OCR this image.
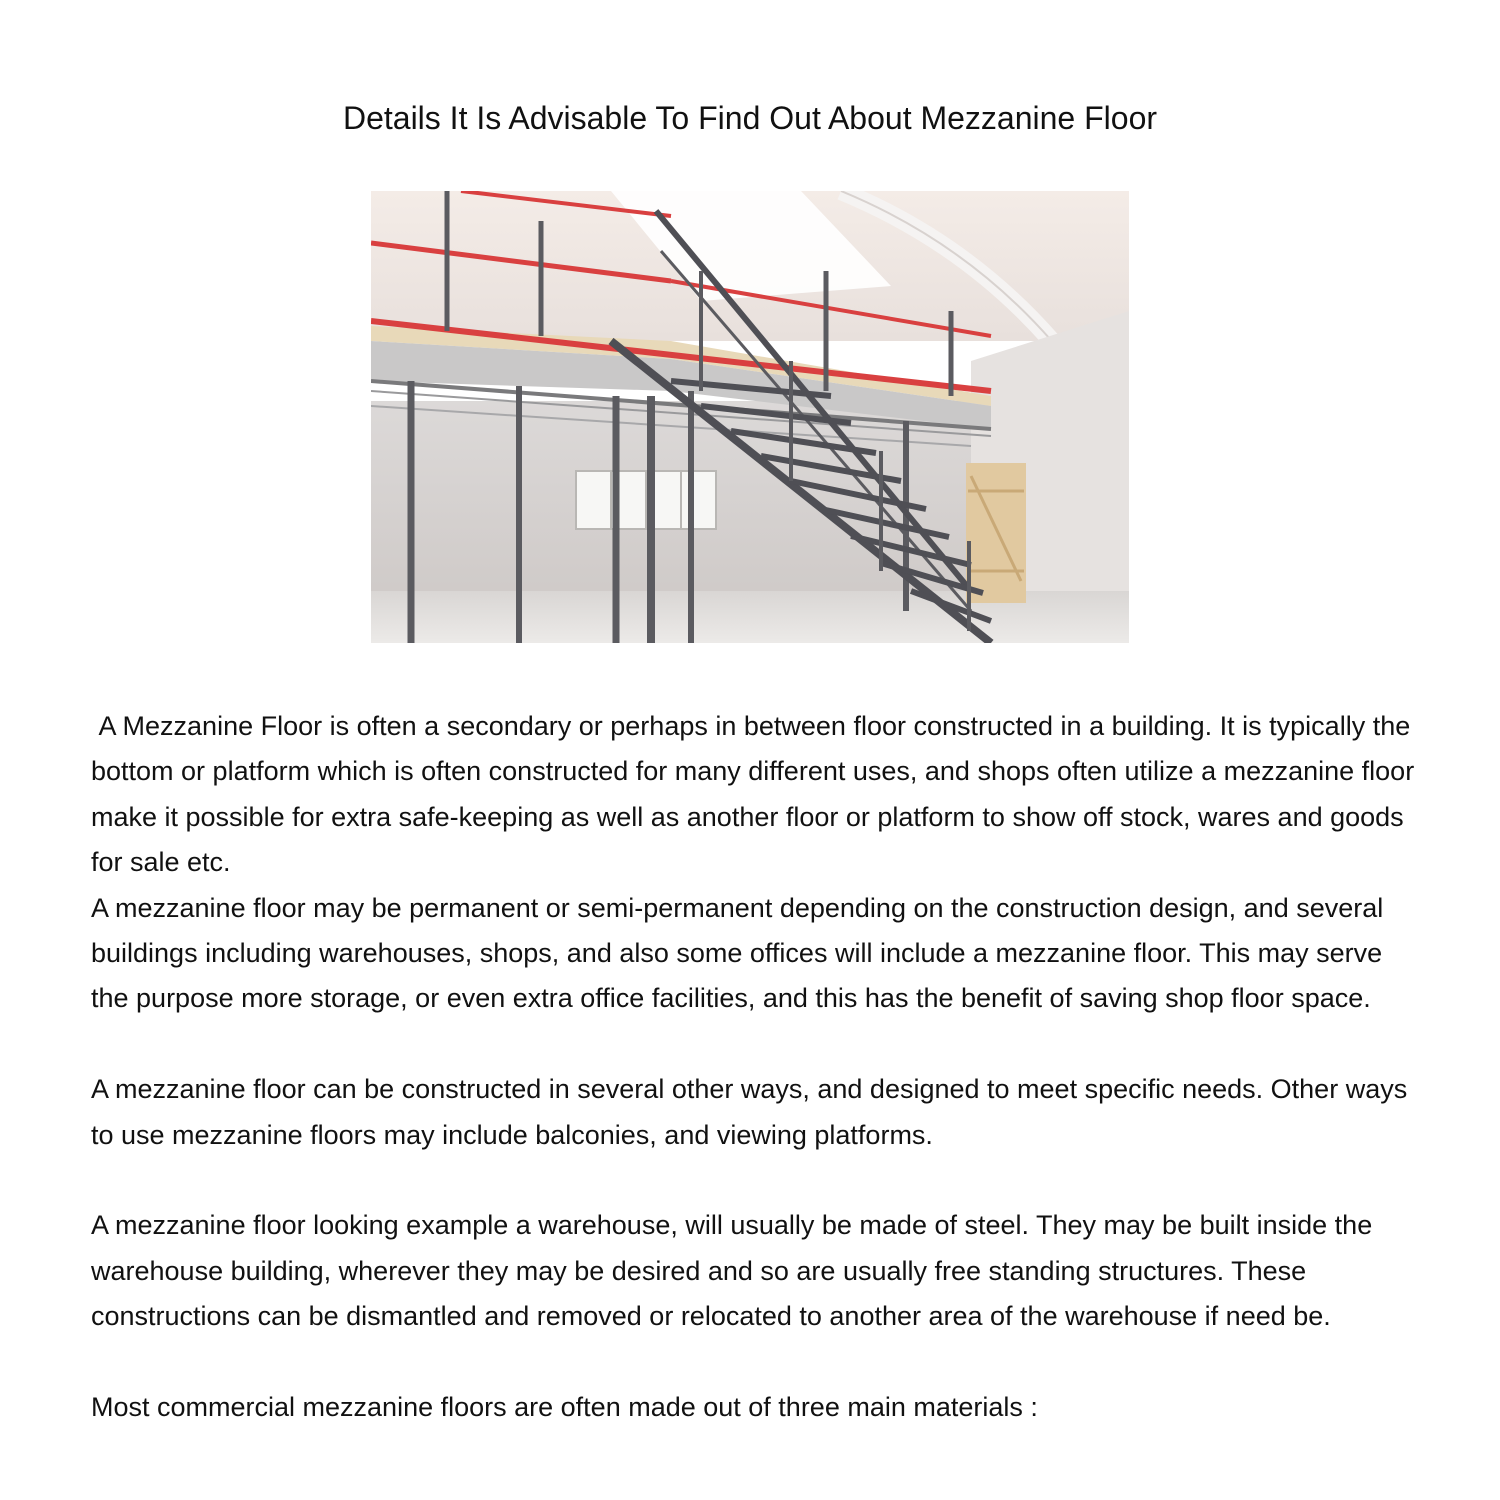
Details It Is Advisable To Find Out About Mezzanine Floor

A Mezzanine Floor is often a secondary or perhaps in between floor constructed in a building. It is typically the bottom or platform which is often constructed for many different uses, and shops often utilize a mezzanine floor make it possible for extra safe-keeping as well as another floor or platform to show off stock, wares and goods for sale etc.

A mezzanine floor may be permanent or semi-permanent depending on the construction design, and several buildings including warehouses, shops, and also some offices will include a mezzanine floor. This may serve the purpose more storage, or even extra office facilities, and this has the benefit of saving shop floor space.

A mezzanine floor can be constructed in several other ways, and designed to meet specific needs. Other ways to use mezzanine floors may include balconies, and viewing platforms.

A mezzanine floor looking example a warehouse, will usually be made of steel. They may be built inside the warehouse building, wherever they may be desired and so are usually free standing structures. These constructions can be dismantled and removed or relocated to another area of the warehouse if need be.

Most commercial mezzanine floors are often made out of three main materials :
